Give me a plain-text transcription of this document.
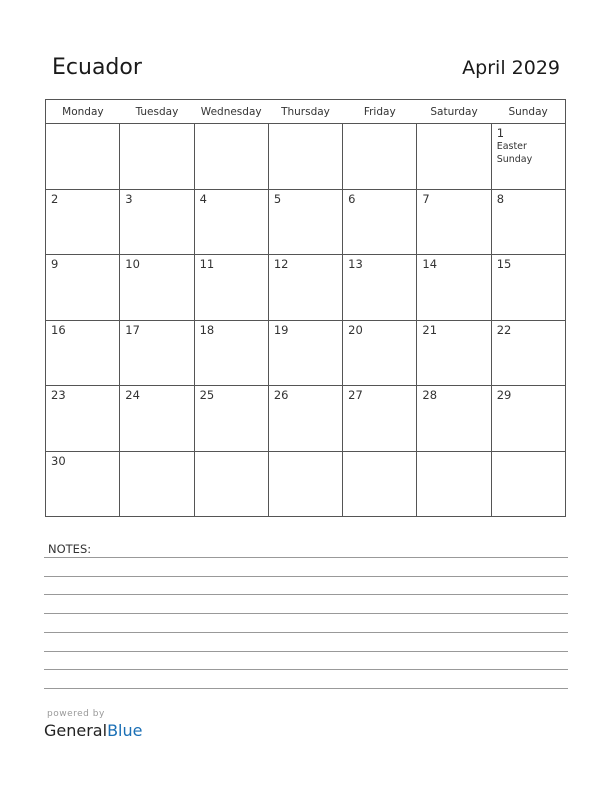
Ecuador	April 2029
Monday	Tuesday	Wednesday	Thursday	Friday	Saturday	Sunday

						1
Easter Sunday

2	3	4	5	6	7	8

9	10	11	12	13	14	15

16	17	18	19	20	21	22

23	24	25	26	27	28	29

30						

NOTES:
powered by
GeneralBlue
